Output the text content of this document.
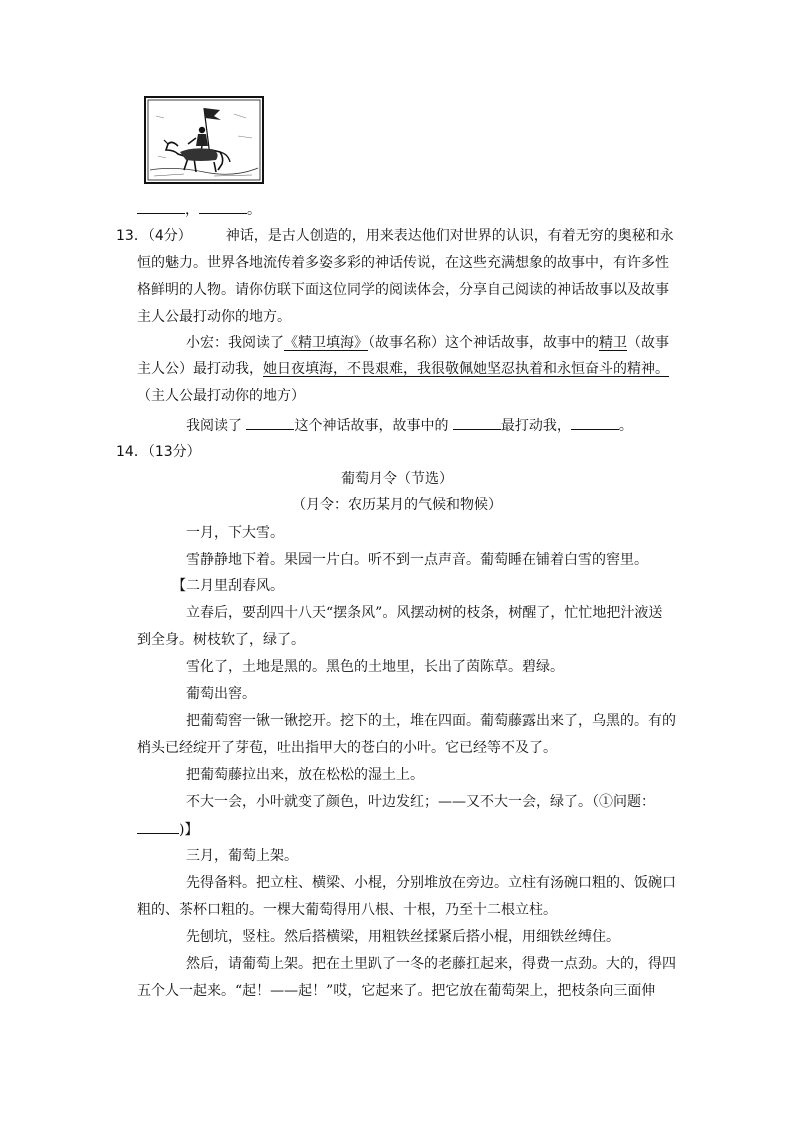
，	。
13．（4分） 神话，是古人创造的，用来表达他们对世界的认识，有着无穷的奥秘和永
恒的魅力。世界各地流传着多姿多彩的神话传说，在这些充满想象的故事中，有许多性
格鲜明的人物。请你仿联下面这位同学的阅读体会，分享自己阅读的神话故事以及故事
主人公最打动你的地方。
小宏：我阅读了《精卫填海》（故事名称）这个神话故事，故事中的精卫（故事
主人公）最打动我，她日夜填海，不畏艰难，我很敬佩她坚忍执着和永恒奋斗的精神。
（主人公最打动你的地方）
我阅读了	这个神话故事，故事中的	最打动我，	。
14．（13分）
葡萄月令（节选）
（月令：农历某月的气候和物候）
一月，下大雪。
雪静静地下着。果园一片白。听不到一点声音。葡萄睡在铺着白雪的窖里。
【二月里刮春风。
立春后，要刮四十八天“摆条风”。风摆动树的枝条，树醒了，忙忙地把汁液送
到全身。树枝软了，绿了。
雪化了，土地是黑的。黑色的土地里，长出了茵陈草。碧绿。
葡萄出窖。
把葡萄窖一锹一锹挖开。挖下的土，堆在四面。葡萄藤露出来了，乌黑的。有的
梢头已经绽开了芽苞，吐出指甲大的苍白的小叶。它已经等不及了。
把葡萄藤拉出来，放在松松的湿土上。
不大一会，小叶就变了颜色，叶边发红；——又不大一会，绿了。（①问题：
)】
三月，葡萄上架。
先得备料。把立柱、横梁、小棍，分别堆放在旁边。立柱有汤碗口粗的、饭碗口
粗的、茶杯口粗的。一棵大葡萄得用八根、十根，乃至十二根立柱。
先刨坑，竖柱。然后搭横梁，用粗铁丝揉紧后搭小棍，用细铁丝缚住。
然后，请葡萄上架。把在土里趴了一冬的老藤扛起来，得费一点劲。大的，得四
五个人一起来。“起！——起！”哎，它起来了。把它放在葡萄架上，把枝条向三面伸
